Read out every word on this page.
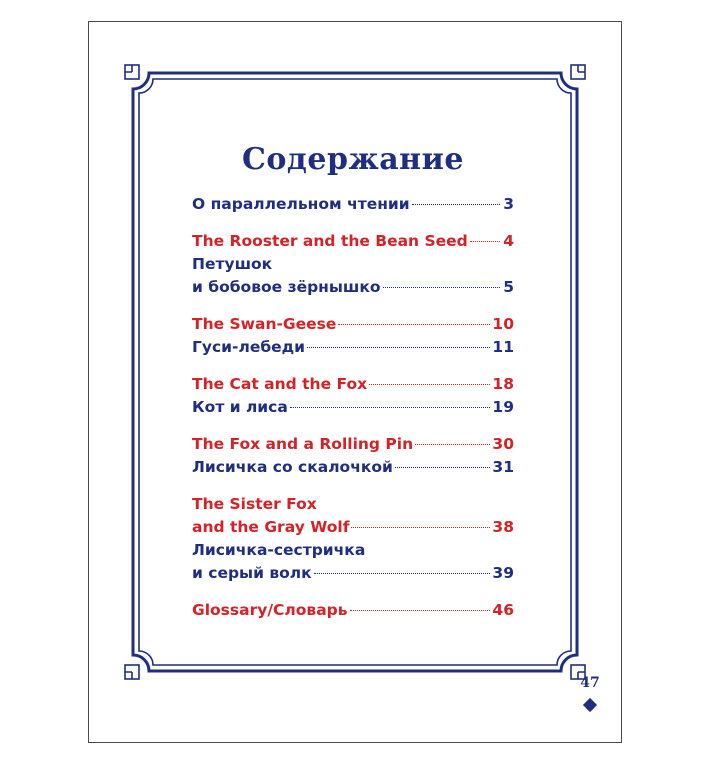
Содержание
О параллельном чтении	3
The Rooster and the Bean Seed 4
Петушок
и бобовое зёрнышко	5
The Swan-Geese	10
Гуси-лебеди	11
The Cat and the Fox	18
Кот и лиса	19
The Fox and a Rolling Pin	30
Лисичка со скалочкой	31
The Sister Fox
and the Gray Wolf	38
Лисичка-сестричка
и серый волк	39
Glossary/Словарь	46
47
